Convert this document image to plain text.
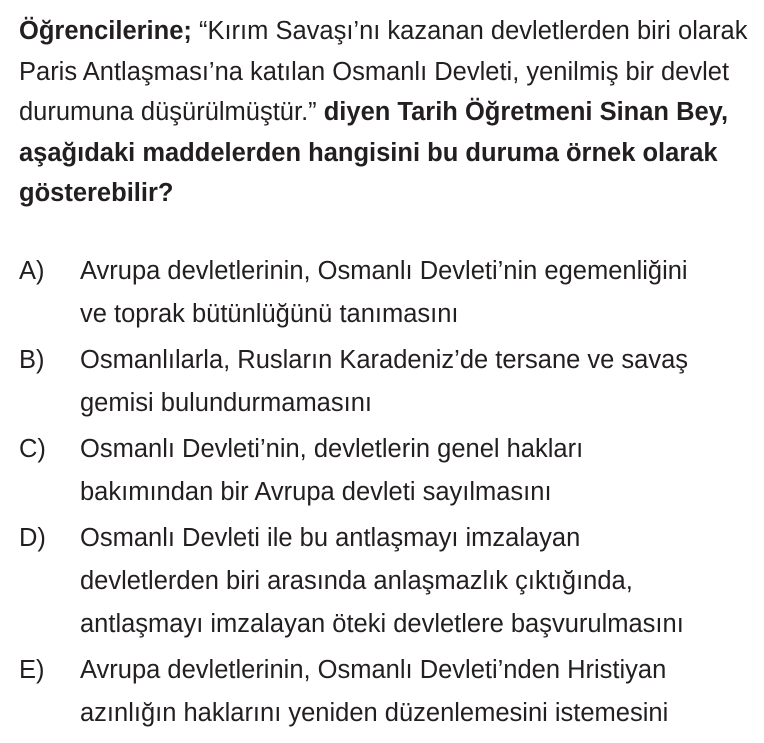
Öğrencilerine; “Kırım Savaşı’nı kazanan devletlerden biri olarak Paris Antlaşması’na katılan Osmanlı Devleti, yenilmiş bir devlet durumuna düşürülmüştür.” diyen Tarih Öğretmeni Sinan Bey, aşağıdaki maddelerden hangisini bu duruma örnek olarak gösterebilir?

A)	Avrupa devletlerinin, Osmanlı Devleti’nin egemenliğini
ve toprak bütünlüğünü tanımasını
B)	Osmanlılarla, Rusların Karadeniz’de tersane ve savaş
gemisi bulundurmamasını
C)	Osmanlı Devleti’nin, devletlerin genel hakları
bakımından bir Avrupa devleti sayılmasını
D)	Osmanlı Devleti ile bu antlaşmayı imzalayan
devletlerden biri arasında anlaşmazlık çıktığında,
antlaşmayı imzalayan öteki devletlere başvurulmasını
E)	Avrupa devletlerinin, Osmanlı Devleti’nden Hristiyan
azınlığın haklarını yeniden düzenlemesini istemesini
